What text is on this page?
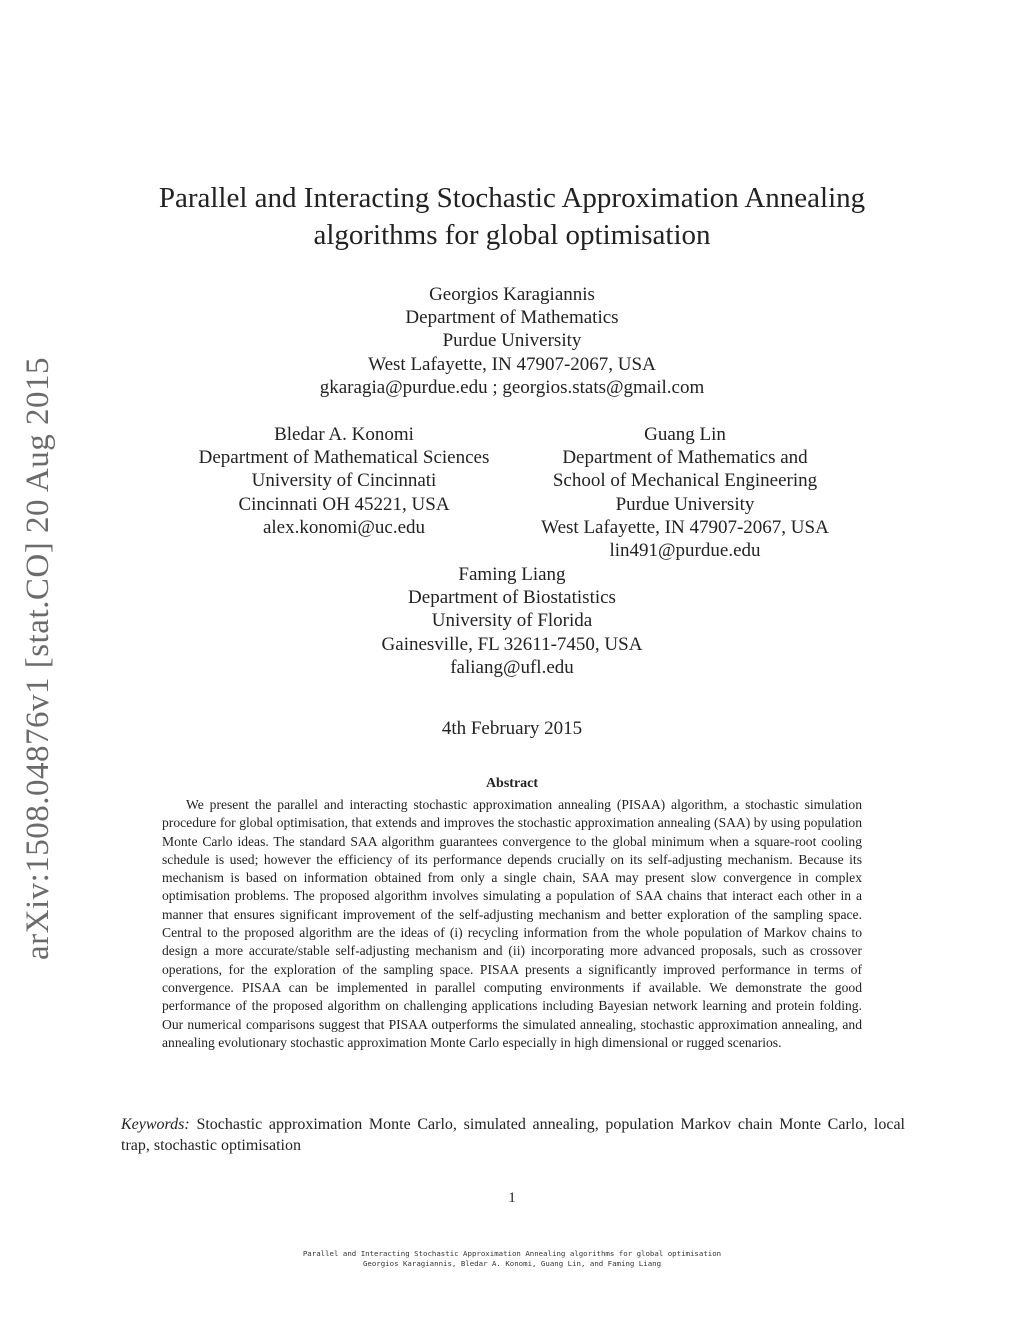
arXiv:1508.04876v1 [stat.CO] 20 Aug 2015
Parallel and Interacting Stochastic Approximation Annealing
algorithms for global optimisation
Georgios Karagiannis
Department of Mathematics
Purdue University
West Lafayette, IN 47907-2067, USA
gkaragia@purdue.edu ; georgios.stats@gmail.com
Bledar A. Konomi
Department of Mathematical Sciences
University of Cincinnati
Cincinnati OH 45221, USA
alex.konomi@uc.edu
Guang Lin
Department of Mathematics and
School of Mechanical Engineering
Purdue University
West Lafayette, IN 47907-2067, USA
lin491@purdue.edu
Faming Liang
Department of Biostatistics
University of Florida
Gainesville, FL 32611-7450, USA
faliang@ufl.edu
4th February 2015
Abstract
We present the parallel and interacting stochastic approximation annealing (PISAA) algorithm, a stochastic simulation procedure for global optimisation, that extends and improves the stochastic approximation annealing (SAA) by using population Monte Carlo ideas. The standard SAA algorithm guarantees convergence to the global minimum when a square-root cooling schedule is used; however the efficiency of its performance depends crucially on its self-adjusting mechanism. Because its mechanism is based on information obtained from only a single chain, SAA may present slow convergence in complex optimisation problems. The proposed algorithm involves simulating a population of SAA chains that interact each other in a manner that ensures significant improvement of the self-adjusting mechanism and better exploration of the sampling space. Central to the proposed algorithm are the ideas of (i) recycling information from the whole population of Markov chains to design a more accurate/stable self-adjusting mechanism and (ii) incorporating more advanced proposals, such as crossover operations, for the exploration of the sampling space. PISAA presents a significantly improved performance in terms of convergence. PISAA can be implemented in parallel computing environments if available. We demonstrate the good performance of the proposed algorithm on challenging applications including Bayesian network learning and protein folding. Our numerical comparisons suggest that PISAA outperforms the simulated annealing, stochastic approximation annealing, and annealing evolutionary stochastic approximation Monte Carlo especially in high dimensional or rugged scenarios.
Keywords: Stochastic approximation Monte Carlo, simulated annealing, population Markov chain Monte Carlo, local trap, stochastic optimisation
1
Parallel and Interacting Stochastic Approximation Annealing algorithms for global optimisation
Georgios Karagiannis, Bledar A. Konomi, Guang Lin, and Faming Liang
